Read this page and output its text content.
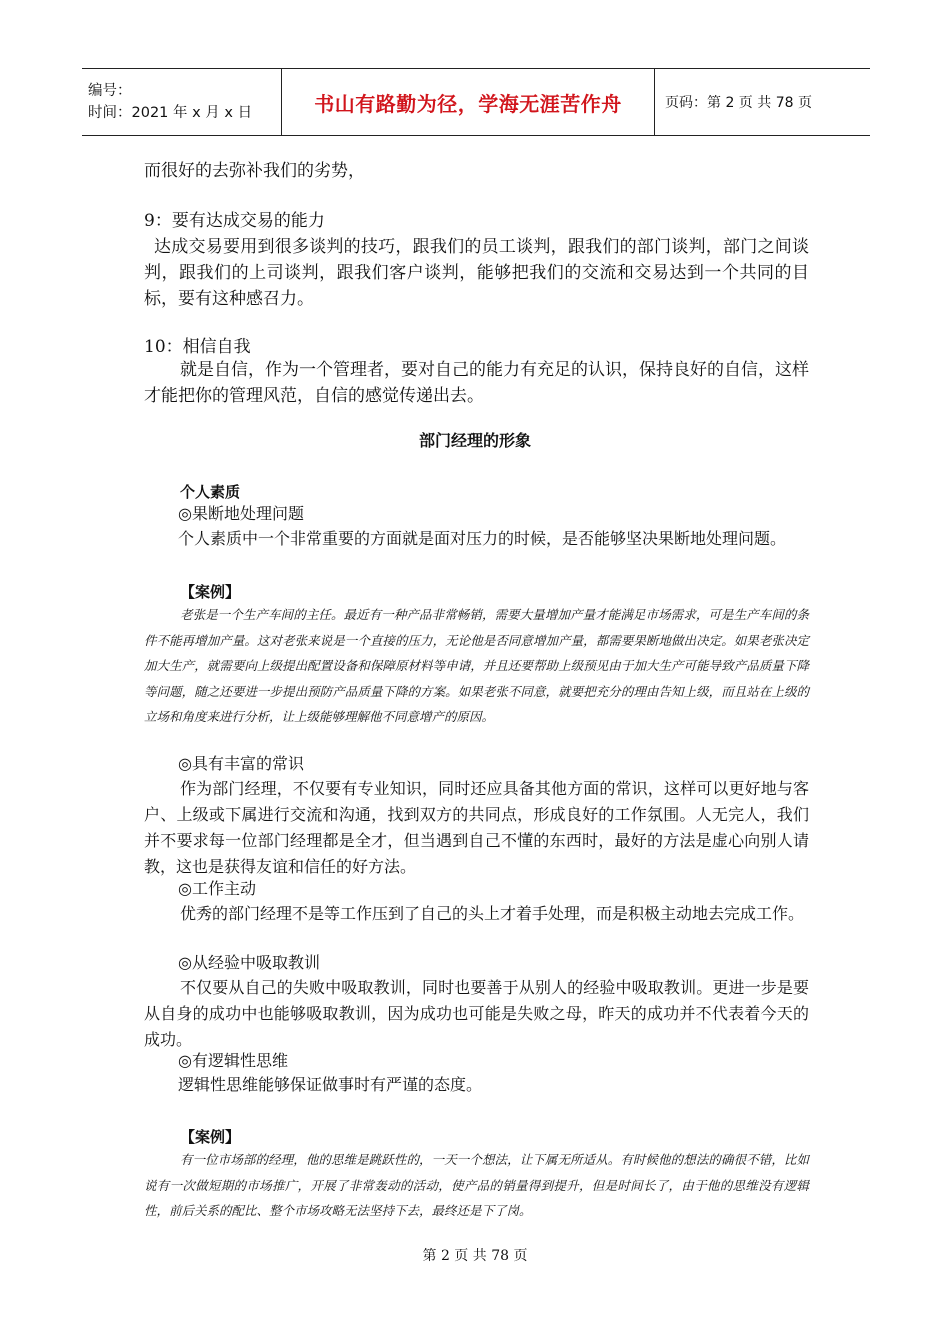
编号：
时间：2021 年 x 月 x 日	书山有路勤为径，学海无涯苦作舟	页码：第 2 页 共 78 页

而很好的去弥补我们的劣势，

9：要有达成交易的能力

达成交易要用到很多谈判的技巧，跟我们的员工谈判，跟我们的部门谈判，部门之间谈判，跟我们的上司谈判，跟我们客户谈判，能够把我们的交流和交易达到一个共同的目标，要有这种感召力。

10：相信自我

就是自信，作为一个管理者，要对自己的能力有充足的认识，保持良好的自信，这样才能把你的管理风范，自信的感觉传递出去。

部门经理的形象
个人素质
◎果断地处理问题
个人素质中一个非常重要的方面就是面对压力的时候，是否能够坚决果断地处理问题。
【案例】

老张是一个生产车间的主任。最近有一种产品非常畅销，需要大量增加产量才能满足市场需求，可是生产车间的条件不能再增加产量。这对老张来说是一个直接的压力，无论他是否同意增加产量，都需要果断地做出决定。如果老张决定加大生产，就需要向上级提出配置设备和保障原材料等申请，并且还要帮助上级预见由于加大生产可能导致产品质量下降等问题，随之还要进一步提出预防产品质量下降的方案。如果老张不同意，就要把充分的理由告知上级，而且站在上级的立场和角度来进行分析，让上级能够理解他不同意增产的原因。

◎具有丰富的常识

作为部门经理，不仅要有专业知识，同时还应具备其他方面的常识，这样可以更好地与客户、上级或下属进行交流和沟通，找到双方的共同点，形成良好的工作氛围。人无完人，我们并不要求每一位部门经理都是全才，但当遇到自己不懂的东西时，最好的方法是虚心向别人请教，这也是获得友谊和信任的好方法。

◎工作主动

优秀的部门经理不是等工作压到了自己的头上才着手处理，而是积极主动地去完成工作。

◎从经验中吸取教训

不仅要从自己的失败中吸取教训，同时也要善于从别人的经验中吸取教训。更进一步是要从自身的成功中也能够吸取教训，因为成功也可能是失败之母，昨天的成功并不代表着今天的成功。

◎有逻辑性思维
逻辑性思维能够保证做事时有严谨的态度。
【案例】

有一位市场部的经理，他的思维是跳跃性的，一天一个想法，让下属无所适从。有时候他的想法的确很不错，比如说有一次做短期的市场推广，开展了非常轰动的活动，使产品的销量得到提升，但是时间长了，由于他的思维没有逻辑性，前后关系的配比、整个市场攻略无法坚持下去，最终还是下了岗。

第 2 页 共 78 页
